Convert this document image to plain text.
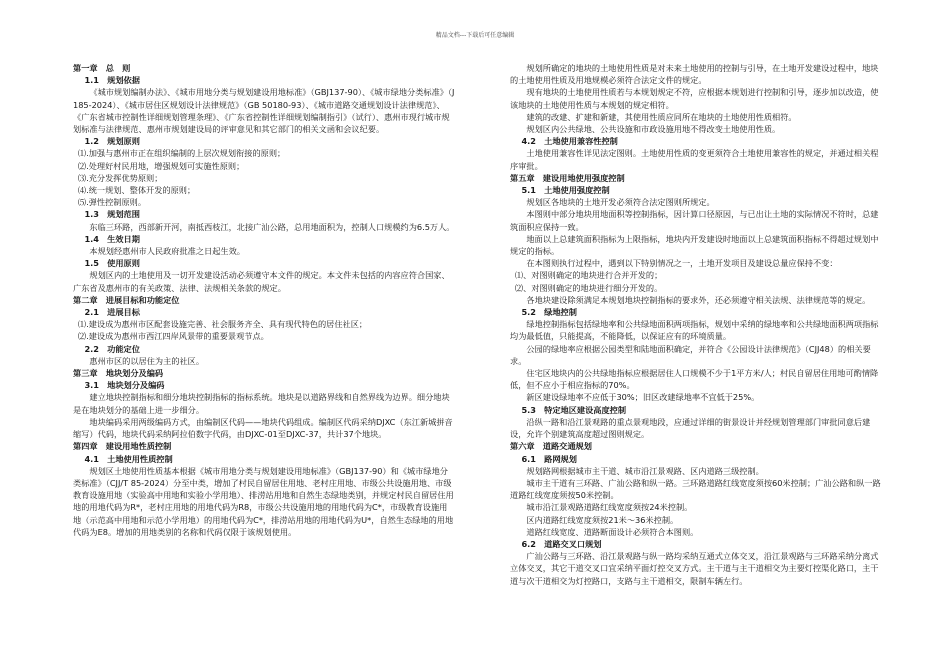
精品文档---下载后可任意编辑
第一章　总　则
1.1　规划依据
《城市规划编制办法》、《城市用地分类与规划建设用地标准》（GBJ137-90）、《城市绿地分类标准》（J 185-2024）、《城市居住区规划设计法律规范》（GB 50180-93）、《城市道路交通规划设计法律规范》、《广东省城市控制性详细规划管理条理》、《广东省控制性详细规划编制指引》（试行）、惠州市现行城市规划标准与法律规范、惠州市规划建设局的评审意见和其它部门的相关文函和会议纪要。
1.2　规划原则
⑴.加强与惠州市正在组织编制的上层次规划衔接的原则；
⑵.处理好村民用地，增强规划可实施性原则；
⑶.充分发挥优势原则；
⑷.统一规划、整体开发的原则；
⑸.弹性控制原则。
1.3　规划范围
东临三环路，西部新开河，南抵西枝江，北接广汕公路，总用地面积为，控制人口规模约为6.5万人。
1.4　生效日期
本规划经惠州市人民政府批准之日起生效。
1.5　使用原则
规划区内的土地使用及一切开发建设活动必须遵守本文件的规定。本文件未包括的内容应符合国家、广东省及惠州市的有关政策、法律、法规相关条款的规定。
第二章　进展目标和功能定位
2.1　进展目标
⑴.建设成为惠州市区配套设施完善、社会服务齐全、具有现代特色的居住社区；
⑵.建设成为惠州市西江四岸风景带的重要景观节点。
2.2　功能定位
惠州市区的以居住为主的社区。
第三章　地块划分及编码
3.1　地块划分及编码
建立地块控制指标和细分地块控制指标的指标系统。地块是以道路界线和自然界线为边界。细分地块是在地块划分的基础上进一步细分。
地块编码采用两级编码方式，由编制区代码——地块代码组成。编制区代码采纳DJXC（东江新城拼音缩写）代码，地块代码采纳阿拉伯数字代码，由DJXC-01至DJXC-37，共计37个地块。
第四章　建设用地性质控制
4.1　土地使用性质控制
规划区土地使用性质基本根据《城市用地分类与规划建设用地标准》（GBJ137-90）和《城市绿地分类标准》（CJJ/T 85-2024）分至中类，增加了村民自留居住用地、老村庄用地、市级公共设施用地、市级教育设施用地（实验高中用地和实验小学用地）、排涝站用地和自然生态绿地类别，并规定村民自留居住用地的用地代码为R*，老村庄用地的用地代码为R8，市级公共设施用地的用地代码为C*，市级教育设施用地（示范高中用地和示范小学用地）的用地代码为C*，排涝站用地的用地代码为U*，自然生态绿地的用地代码为E8。增加的用地类别的名称和代码仅限于该规划使用。
规划所确定的地块的土地使用性质是对未来土地使用的控制与引导，在土地开发建设过程中，地块的土地使用性质及用地规模必须符合法定文件的规定。
现有地块的土地使用性质若与本规划规定不符，应根据本规划进行控制和引导，逐步加以改造，使该地块的土地使用性质与本规划的规定相符。
建筑的改建、扩建和新建，其使用性质应同所在地块的土地使用性质相符。
规划区内公共绿地、公共设施和市政设施用地不得改变土地使用性质。
4.2　土地使用兼容性控制
土地使用兼容性详见法定图则。土地使用性质的变更须符合土地使用兼容性的规定，并通过相关程序审批。
第五章　建设用地使用强度控制
5.1　土地使用强度控制
规划区各地块的土地开发必须符合法定图则所规定。
本图则中部分地块用地面积等控制指标，因计算口径原因，与已出让土地的实际情况不符时，总建筑面积应保持一致。
地面以上总建筑面积指标为上限指标，地块内开发建设时地面以上总建筑面积指标不得超过规划中规定的指标。
在本图则执行过程中，遇到以下特别情况之一，土地开发项目及建设总量应保持不变：
⑴、对图则确定的地块进行合并开发的；
⑵、对图则确定的地块进行细分开发的。
各地块建设除须满足本规划地块控制指标的要求外，还必须遵守相关法规、法律规范等的规定。
5.2　绿地控制
绿地控制指标包括绿地率和公共绿地面积两项指标，规划中采纳的绿地率和公共绿地面积两项指标均为最低值，只能提高，不能降低，以保证应有的环境质量。
公园的绿地率应根据公园类型和陆地面积确定，并符合《公园设计法律规范》（CJJ48）的相关要求。
住宅区地块内的公共绿地指标应根据居住人口规模不少于1平方米/人；村民自留居住用地可酌情降低，但不应小于相应指标的70%。
新区建设绿地率不应低于30%；旧区改建绿地率不宜低于25%。
5.3　特定地区建设高度控制
沿纵一路和沿江景观路的重点景观地段，应通过详细的街景设计并经规划管理部门审批同意后建设，允许个别建筑高度超过图则规定。
第六章　道路交通规划
6.1　路网规划
规划路网根据城市主干道、城市沿江景观路、区内道路三级控制。
城市主干道有三环路、广汕公路和纵一路。三环路道路红线宽度须按60米控制；广汕公路和纵一路道路红线宽度须按50米控制。
城市沿江景观路道路红线宽度须按24米控制。
区内道路红线宽度须按21米～36米控制。
道路红线宽度、道路断面设计必须符合本图则。
6.2　道路交叉口规划
广汕公路与三环路、沿江景观路与纵一路均采纳互通式立体交叉，沿江景观路与三环路采纳分离式立体交叉，其它干道交叉口宜采纳平面灯控交叉方式。主干道与主干道相交为主要灯控渠化路口，主干道与次干道相交为灯控路口，支路与主干道相交，限制车辆左行。
